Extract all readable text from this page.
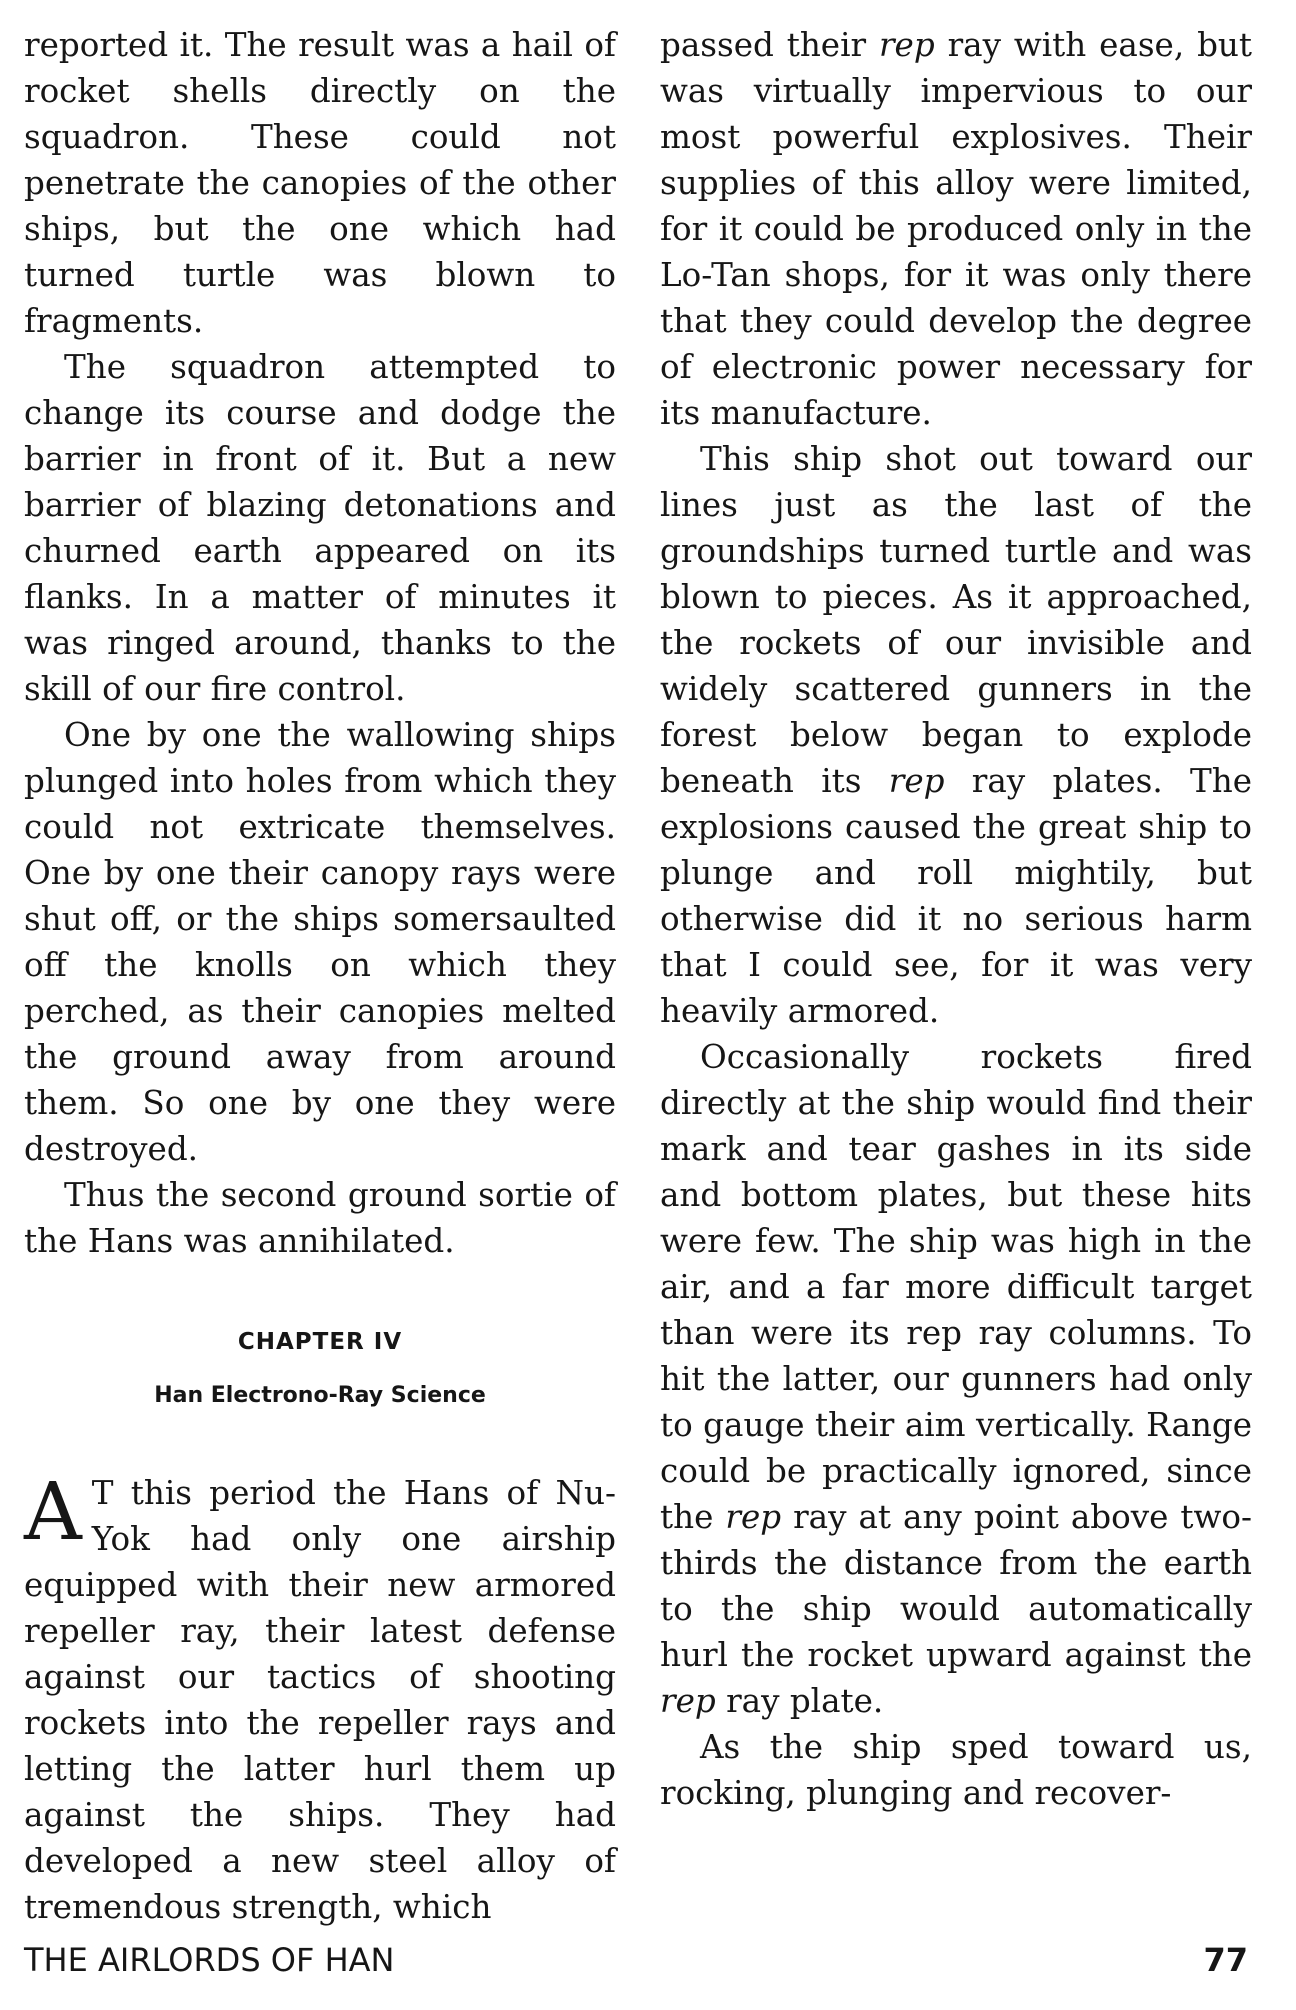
reported it. The result was a hail of rocket shells directly on the squadron. These could not penetrate the canopies of the other ships, but the one which had turned turtle was blown to fragments.

The squadron attempted to change its course and dodge the barrier in front of it. But a new barrier of blazing detonations and churned earth appeared on its flanks. In a matter of minutes it was ringed around, thanks to the skill of our fire control.

One by one the wallowing ships plunged into holes from which they could not extricate themselves. One by one their canopy rays were shut off, or the ships somersaulted off the knolls on which they perched, as their canopies melted the ground away from around them. So one by one they were destroyed.

Thus the second ground sortie of the Hans was annihilated.

CHAPTER IV
Han Electrono-Ray Science

A T this period the Hans of Nu-Yok had only one airship equipped with their new armored repeller ray, their latest defense against our tactics of shooting rockets into the repeller rays and letting the latter hurl them up against the ships. They had developed a new steel alloy of tremendous strength, which

passed their rep ray with ease, but was virtually impervious to our most powerful explosives. Their supplies of this alloy were limited, for it could be produced only in the Lo-Tan shops, for it was only there that they could develop the degree of electronic power necessary for its manufacture.

This ship shot out toward our lines just as the last of the groundships turned turtle and was blown to pieces. As it approached, the rockets of our invisible and widely scattered gunners in the forest below began to explode beneath its rep ray plates. The explosions caused the great ship to plunge and roll mightily, but otherwise did it no serious harm that I could see, for it was very heavily armored.

Occasionally rockets fired directly at the ship would find their mark and tear gashes in its side and bottom plates, but these hits were few. The ship was high in the air, and a far more difficult target than were its rep ray columns. To hit the latter, our gunners had only to gauge their aim vertically. Range could be practically ignored, since the rep ray at any point above two-thirds the distance from the earth to the ship would automatically hurl the rocket upward against the rep ray plate.

As the ship sped toward us, rocking, plunging and recover-

THE AIRLORDS OF HAN	77
